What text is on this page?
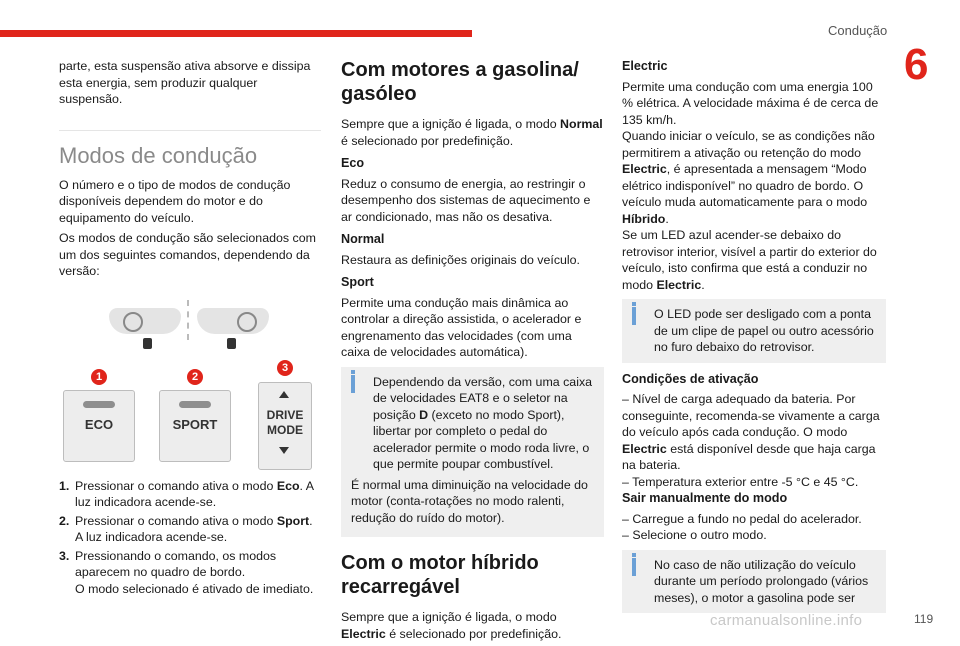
Condução
6

parte, esta suspensão ativa absorve e dissipa esta energia, sem produzir qualquer suspensão.

Modos de condução

O número e o tipo de modos de condução disponíveis dependem do motor e do equipamento do veículo.

Os modos de condução são selecionados com um dos seguintes comandos, dependendo da versão:

1	2
3
ECO	SPORT
DRIVE
MODE
1. Pressionar o comando ativa o modo Eco. A luz indicadora acende-se.
2. Pressionar o comando ativa o modo Sport. A luz indicadora acende-se.
3. Pressionando o comando, os modos aparecem no quadro de bordo.
O modo selecionado é ativado de imediato.
Com motores a gasolina/ gasóleo

Sempre que a ignição é ligada, o modo Normal é selecionado por predefinição.

Eco

Reduz o consumo de energia, ao restringir o desempenho dos sistemas de aquecimento e ar condicionado, mas não os desativa.

Normal

Restaura as definições originais do veículo.

Sport

Permite uma condução mais dinâmica ao controlar a direção assistida, o acelerador e engrenamento das velocidades (com uma caixa de velocidades automática).

Dependendo da versão, com uma caixa de velocidades EAT8 e o seletor na posição D (exceto no modo Sport), libertar por completo o pedal do acelerador permite o modo roda livre, o que permite poupar combustível.

É normal uma diminuição na velocidade do motor (conta-rotações no modo ralenti, redução do ruído do motor).

Com o motor híbrido recarregável

Sempre que a ignição é ligada, o modo Electric é selecionado por predefinição.

Electric

Permite uma condução com uma energia 100 % elétrica. A velocidade máxima é de cerca de 135 km/h.

Quando iniciar o veículo, se as condições não permitirem a ativação ou retenção do modo Electric, é apresentada a mensagem “Modo elétrico indisponível” no quadro de bordo. O veículo muda automaticamente para o modo Híbrido.

Se um LED azul acender-se debaixo do retrovisor interior, visível a partir do exterior do veículo, isto confirma que está a conduzir no modo Electric.

O LED pode ser desligado com a ponta de um clipe de papel ou outro acessório no furo debaixo do retrovisor.

Condições de ativação

– Nível de carga adequado da bateria. Por conseguinte, recomenda-se vivamente a carga do veículo após cada condução. O modo Electric está disponível desde que haja carga na bateria.

– Temperatura exterior entre -5 °C e 45 °C.

Sair manualmente do modo

– Carregue a fundo no pedal do acelerador.

– Selecione o outro modo.

No caso de não utilização do veículo durante um período prolongado (vários meses), o motor a gasolina pode ser

carmanualsonline.info	119
